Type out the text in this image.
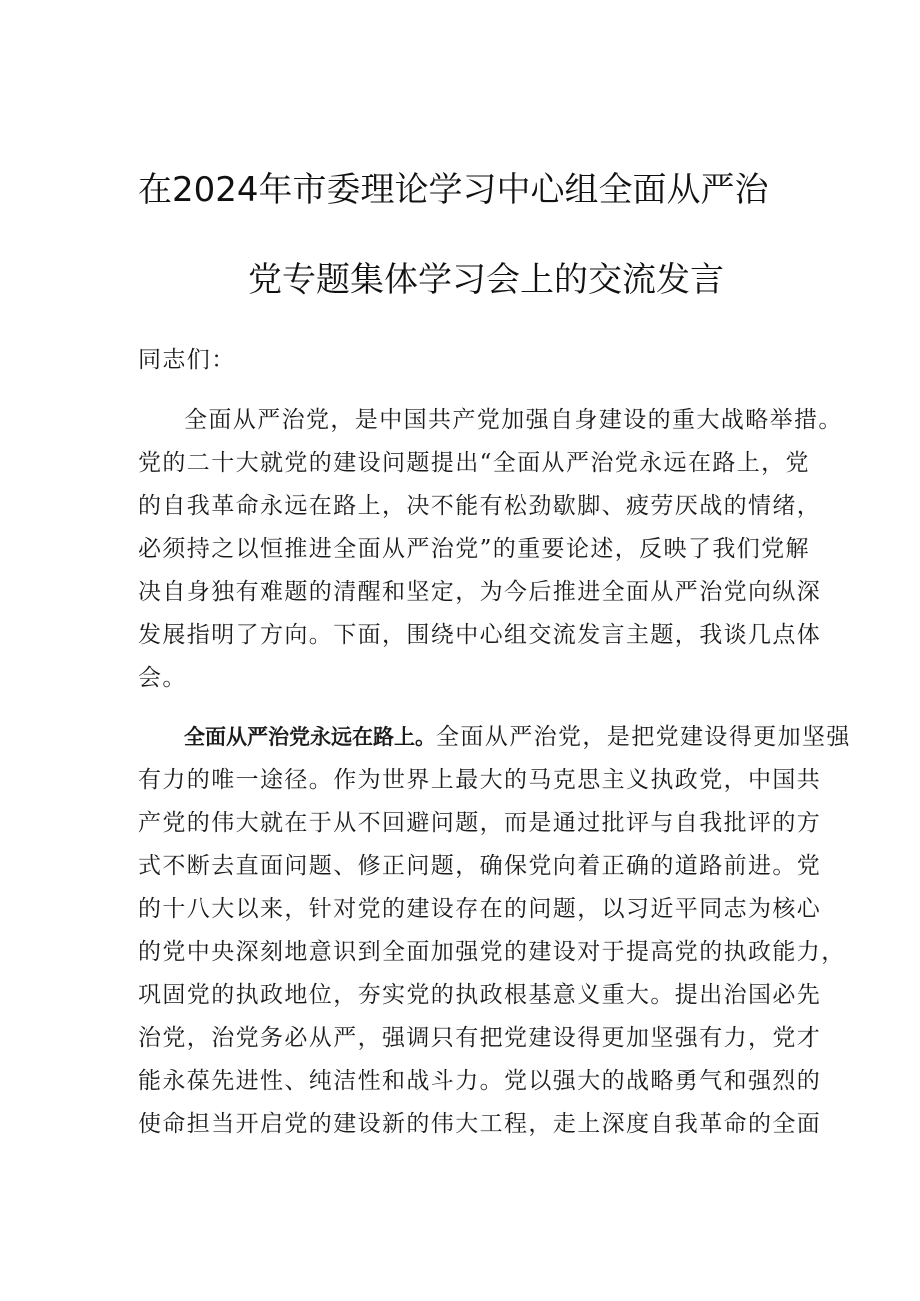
在2024年市委理论学习中心组全面从严治
党专题集体学习会上的交流发言
同志们：
全面从严治党，是中国共产党加强自身建设的重大战略举措。
党的二十大就党的建设问题提出“全面从严治党永远在路上，党
的自我革命永远在路上，决不能有松劲歇脚、疲劳厌战的情绪，
必须持之以恒推进全面从严治党”的重要论述，反映了我们党解
决自身独有难题的清醒和坚定，为今后推进全面从严治党向纵深
发展指明了方向。下面，围绕中心组交流发言主题，我谈几点体
会。
全面从严治党永远在路上。全面从严治党，是把党建设得更加坚强
有力的唯一途径。作为世界上最大的马克思主义执政党，中国共
产党的伟大就在于从不回避问题，而是通过批评与自我批评的方
式不断去直面问题、修正问题，确保党向着正确的道路前进。党
的十八大以来，针对党的建设存在的问题，以习近平同志为核心
的党中央深刻地意识到全面加强党的建设对于提高党的执政能力，
巩固党的执政地位，夯实党的执政根基意义重大。提出治国必先
治党，治党务必从严，强调只有把党建设得更加坚强有力，党才
能永葆先进性、纯洁性和战斗力。党以强大的战略勇气和强烈的
使命担当开启党的建设新的伟大工程，走上深度自我革命的全面
